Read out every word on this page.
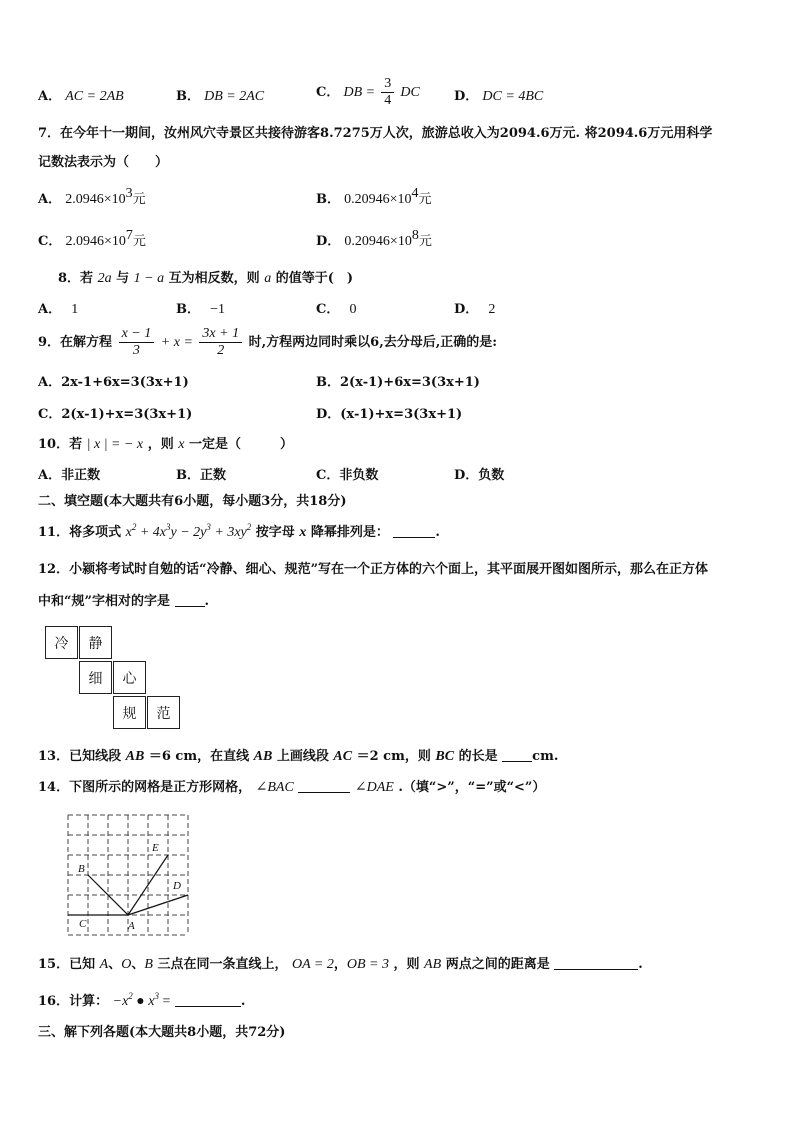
A． AC = 2AB	B． DB = 2AC	C． DB = $\frac{3}{4}$ DC	D． DC = 4BC
7．在今年十一期间，汝州风穴寺景区共接待游客8.7275万人次，旅游总收入为2094.6万元. 将2094.6万元用科学
记数法表示为（　　）
A． $2.0946\times 10^3$元	B． $0.20946\times 10^4$元
C． $2.0946\times 10^7$元	D． $0.20946\times 10^8$元
8．若 2a 与 1 − a 互为相反数，则 a 的值等于(　)
A． 1	B． −1	C． 0	D． 2
9．在解方程 $\frac{x - 1}{3} + x = \frac{3x + 1}{2}$ 时,方程两边同时乘以6,去分母后,正确的是:
A．2x-1+6x=3(3x+1)	B．2(x-1)+6x=3(3x+1)
C．2(x-1)+x=3(3x+1)	D．(x-1)+x=3(3x+1)
10．若 | x | = − x ，则 x 一定是（　　　）
A．非正数	B．正数	C．非负数	D．负数
二、填空题(本大题共有6小题，每小题3分，共18分)
11．将多项式 $x^2 + 4x^3y - 2y^3 + 3xy^2$ 按字母 x 降幂排列是：	.
12．小颍将考试时自勉的话“冷静、细心、规范”写在一个正方体的六个面上，其平面展开图如图所示，那么在正方体
中和“规”字相对的字是	.
冷	静
细	心
规	范
13．已知线段 AB ＝6 cm，在直线 AB 上画线段 AC ＝2 cm，则 BC 的长是	cm.
14．下图所示的网格是正方形网格， ∠BAC	∠DAE .（填“>”，“=”或“<”）
B
C	A
D
E
15．已知 A、O、B 三点在同一条直线上， OA = 2，OB = 3 ，则 AB 两点之间的距离是	.
16．计算： $-x^2$ ● $x^3$ =	.
三、解下列各题(本大题共8小题，共72分)
